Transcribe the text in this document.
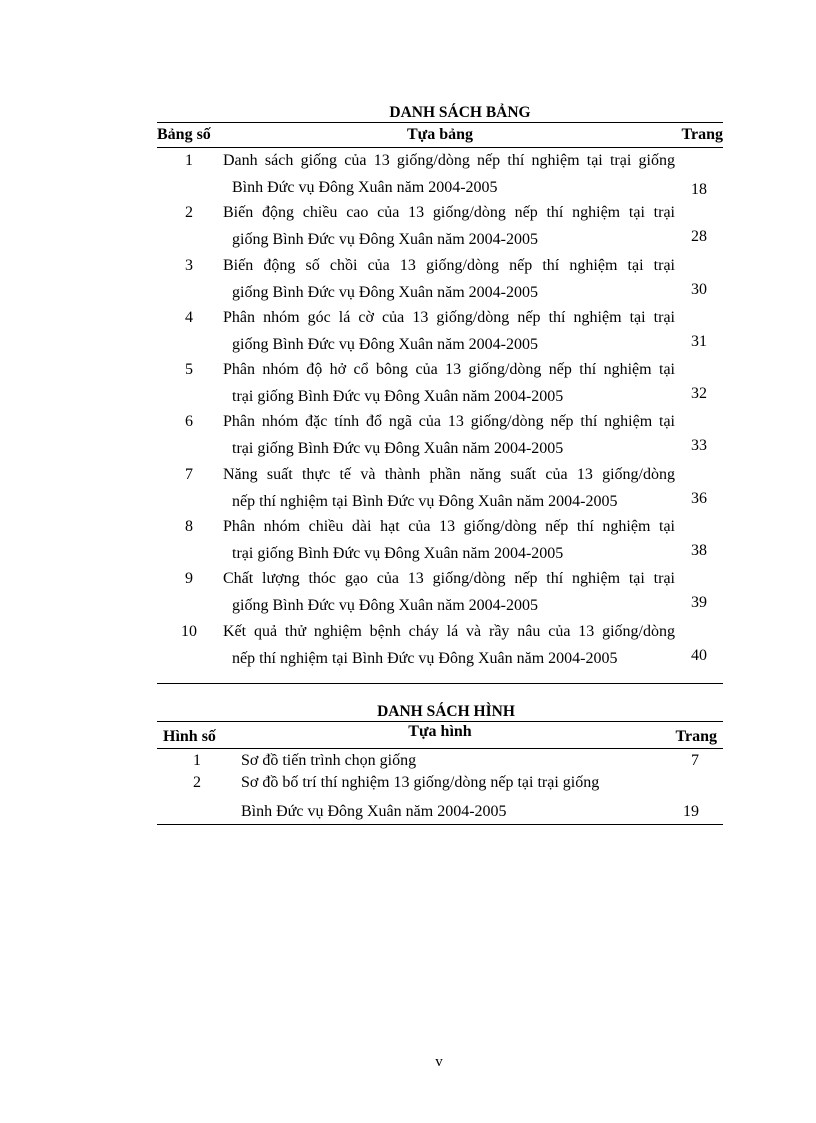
DANH SÁCH BẢNG
Tựa bảng
Bảng số	Trang
1	Danh sách giống của 13 giống/dòng nếp thí nghiệm tại trại giống
Bình Đức vụ Đông Xuân năm 2004-2005	18
2	Biến động chiều cao của 13 giống/dòng nếp thí nghiệm tại trại
giống Bình Đức vụ Đông Xuân năm 2004-2005	28
3	Biến động số chồi của 13 giống/dòng nếp thí nghiệm tại trại
giống Bình Đức vụ Đông Xuân năm 2004-2005	30
4	Phân nhóm góc lá cờ của 13 giống/dòng nếp thí nghiệm tại trại
giống Bình Đức vụ Đông Xuân năm 2004-2005	31
5	Phân nhóm độ hở cổ bông của 13 giống/dòng nếp thí nghiệm tại
trại giống Bình Đức vụ Đông Xuân năm 2004-2005	32
6	Phân nhóm đặc tính đổ ngã của 13 giống/dòng nếp thí nghiệm tại
trại giống Bình Đức vụ Đông Xuân năm 2004-2005	33
7	Năng suất thực tế và thành phần năng suất của 13 giống/dòng
nếp thí nghiệm tại Bình Đức vụ Đông Xuân năm 2004-2005	36
8	Phân nhóm chiều dài hạt của 13 giống/dòng nếp thí nghiệm tại
trại giống Bình Đức vụ Đông Xuân năm 2004-2005	38
9	Chất lượng thóc gạo của 13 giống/dòng nếp thí nghiệm tại trại
giống Bình Đức vụ Đông Xuân năm 2004-2005	39
10	Kết quả thử nghiệm bệnh cháy lá và rầy nâu của 13 giống/dòng
nếp thí nghiệm tại Bình Đức vụ Đông Xuân năm 2004-2005	40
DANH SÁCH HÌNH
Tựa hình
Hình số	Trang
1	Sơ đồ tiến trình chọn giống	7
2	Sơ đồ bố trí thí nghiệm 13 giống/dòng nếp tại trại giống
Bình Đức vụ Đông Xuân năm 2004-2005	19
v
